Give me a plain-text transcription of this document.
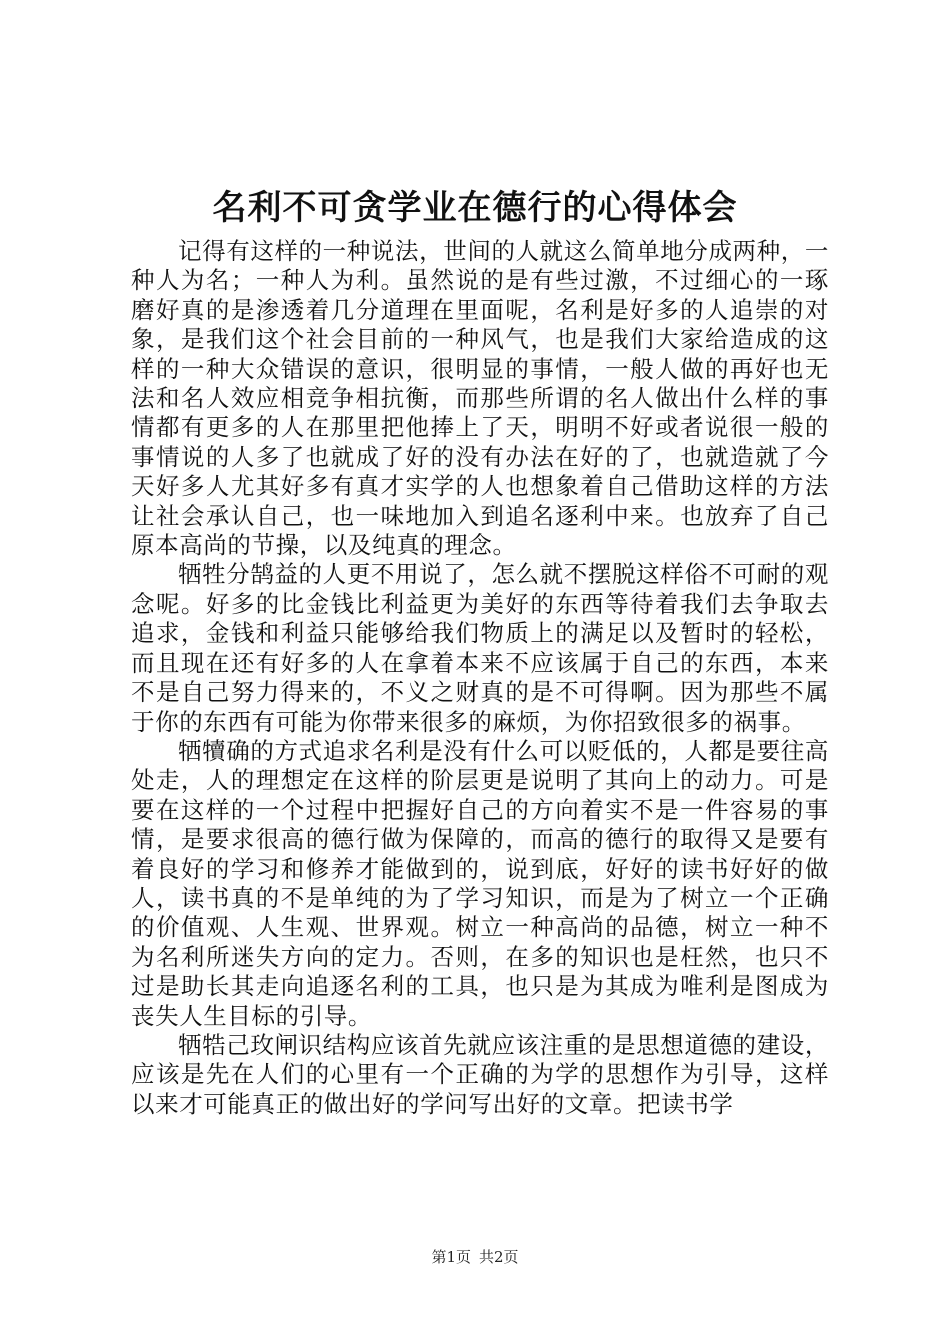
名利不可贪学业在德行的心得体会

记得有这样的一种说法，世间的人就这么简单地分成两种，一种人为名；一种人为利。虽然说的是有些过激，不过细心的一琢磨好真的是渗透着几分道理在里面呢，名利是好多的人追崇的对象，是我们这个社会目前的一种风气，也是我们大家给造成的这样的一种大众错误的意识，很明显的事情，一般人做的再好也无法和名人效应相竞争相抗衡，而那些所谓的名人做出什么样的事情都有更多的人在那里把他捧上了天，明明不好或者说很一般的事情说的人多了也就成了好的没有办法在好的了，也就造就了今天好多人尤其好多有真才实学的人也想象着自己借助这样的方法让社会承认自己，也一味地加入到追名逐利中来。也放弃了自己原本高尚的节操，以及纯真的理念。

牺牲分鹄益的人更不用说了，怎么就不摆脱这样俗不可耐的观念呢。好多的比金钱比利益更为美好的东西等待着我们去争取去追求，金钱和利益只能够给我们物质上的满足以及暂时的轻松，而且现在还有好多的人在拿着本来不应该属于自己的东西，本来不是自己努力得来的，不义之财真的是不可得啊。因为那些不属于你的东西有可能为你带来很多的麻烦，为你招致很多的祸事。

牺犢确的方式追求名利是没有什么可以贬低的，人都是要往高处走，人的理想定在这样的阶层更是说明了其向上的动力。可是要在这样的一个过程中把握好自己的方向着实不是一件容易的事情，是要求很高的德行做为保障的，而高的德行的取得又是要有着良好的学习和修养才能做到的，说到底，好好的读书好好的做人，读书真的不是单纯的为了学习知识，而是为了树立一个正确的价值观、人生观、世界观。树立一种高尚的品德，树立一种不为名利所迷失方向的定力。否则，在多的知识也是枉然，也只不过是助长其走向追逐名利的工具，也只是为其成为唯利是图成为丧失人生目标的引导。

牺牿己玫闸识结构应该首先就应该注重的是思想道德的建设，应该是先在人们的心里有一个正确的为学的思想作为引导，这样以来才可能真正的做出好的学问写出好的文章。把读书学

第1页 共2页
